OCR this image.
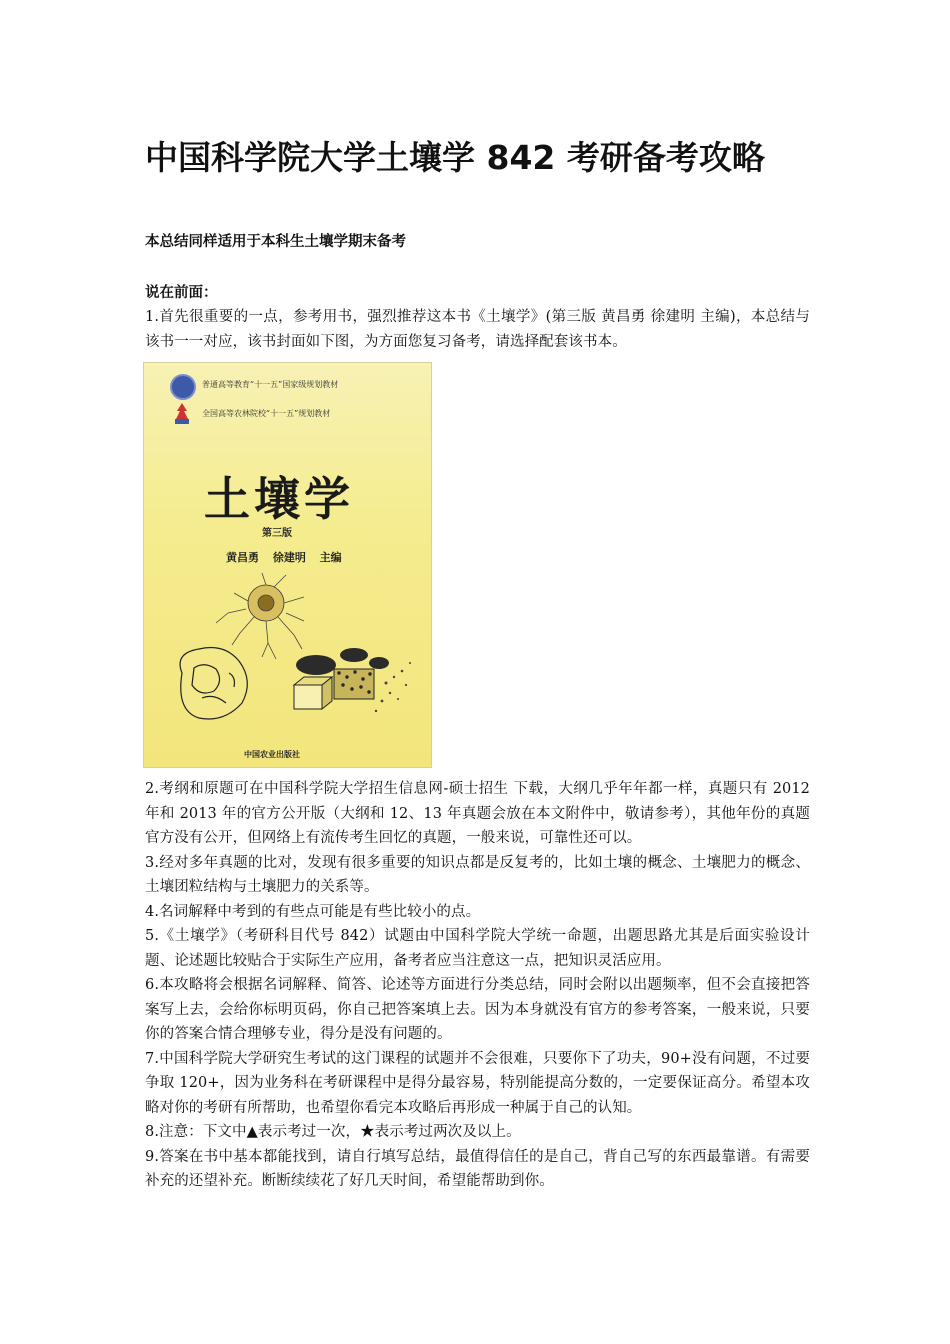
中国科学院大学土壤学 842 考研备考攻略

本总结同样适用于本科生土壤学期末备考

说在前面：

1.首先很重要的一点，参考用书，强烈推荐这本书《土壤学》(第三版 黄昌勇 徐建明 主编)，本总结与该书一一对应，该书封面如下图，为方面您复习备考，请选择配套该书本。

普通高等教育“十一五”国家级规划教材
全国高等农林院校“十一五”规划教材
土壤学
第三版
黄昌勇 徐建明 主编
中国农业出版社

2.考纲和原题可在中国科学院大学招生信息网-硕士招生 下载，大纲几乎年年都一样，真题只有 2012 年和 2013 年的官方公开版（大纲和 12、13 年真题会放在本文附件中，敬请参考），其他年份的真题官方没有公开，但网络上有流传考生回忆的真题，一般来说，可靠性还可以。

3.经对多年真题的比对，发现有很多重要的知识点都是反复考的，比如土壤的概念、土壤肥力的概念、土壤团粒结构与土壤肥力的关系等。

4.名词解释中考到的有些点可能是有些比较小的点。

5.《土壤学》（考研科目代号 842）试题由中国科学院大学统一命题，出题思路尤其是后面实验设计题、论述题比较贴合于实际生产应用，备考者应当注意这一点，把知识灵活应用。

6.本攻略将会根据名词解释、简答、论述等方面进行分类总结，同时会附以出题频率，但不会直接把答案写上去，会给你标明页码，你自己把答案填上去。因为本身就没有官方的参考答案，一般来说，只要你的答案合情合理够专业，得分是没有问题的。

7.中国科学院大学研究生考试的这门课程的试题并不会很难，只要你下了功夫，90+没有问题，不过要争取 120+，因为业务科在考研课程中是得分最容易，特别能提高分数的，一定要保证高分。希望本攻略对你的考研有所帮助，也希望你看完本攻略后再形成一种属于自己的认知。

8.注意：下文中▲表示考过一次，★表示考过两次及以上。

9.答案在书中基本都能找到，请自行填写总结，最值得信任的是自己，背自己写的东西最靠谱。有需要补充的还望补充。断断续续花了好几天时间，希望能帮助到你。
